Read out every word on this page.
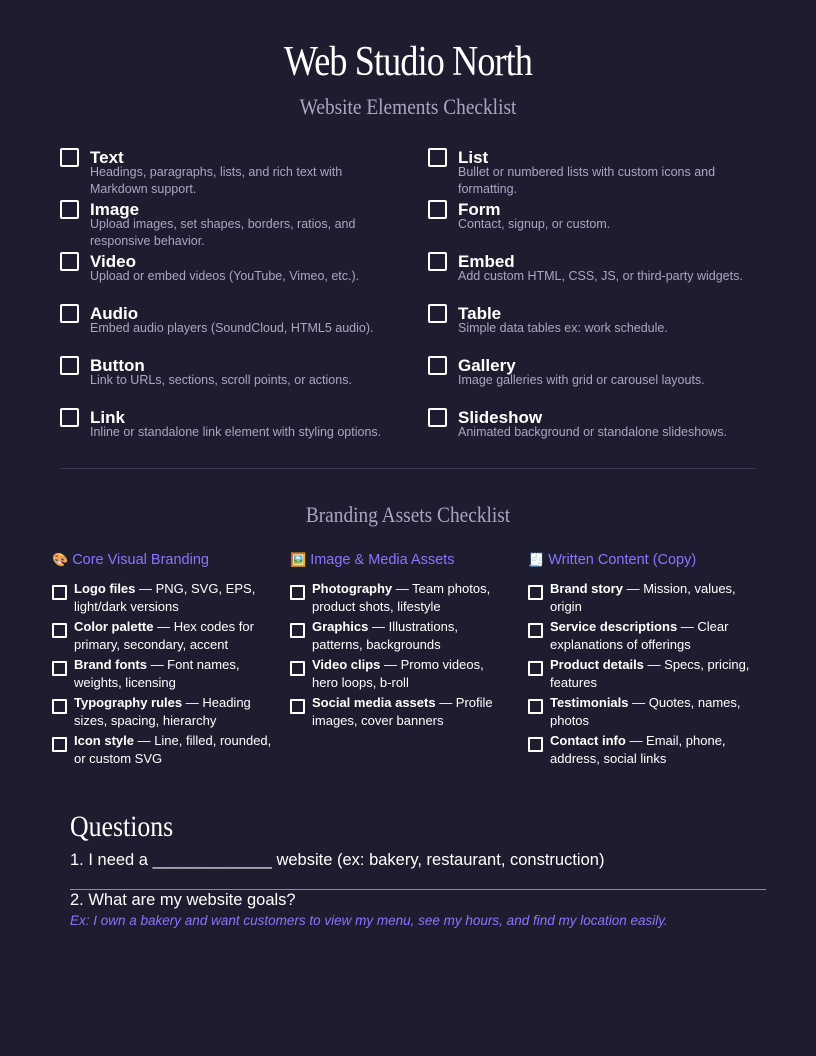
Web Studio North
Website Elements Checklist
Text
Headings, paragraphs, lists, and rich text with Markdown support.
List
Bullet or numbered lists with custom icons and formatting.
Image
Upload images, set shapes, borders, ratios, and responsive behavior.
Form
Contact, signup, or custom.
Video
Upload or embed videos (YouTube, Vimeo, etc.).
Embed
Add custom HTML, CSS, JS, or third-party widgets.
Audio
Embed audio players (SoundCloud, HTML5 audio).
Table
Simple data tables ex: work schedule.
Button
Link to URLs, sections, scroll points, or actions.
Gallery
Image galleries with grid or carousel layouts.
Link
Inline or standalone link element with styling options.
Slideshow
Animated background or standalone slideshows.
Branding Assets Checklist
🎨 Core Visual Branding
Logo files — PNG, SVG, EPS, light/dark versions
Color palette — Hex codes for primary, secondary, accent
Brand fonts — Font names, weights, licensing
Typography rules — Heading sizes, spacing, hierarchy
Icon style — Line, filled, rounded, or custom SVG
🖼️ Image & Media Assets
Photography — Team photos, product shots, lifestyle
Graphics — Illustrations, patterns, backgrounds
Video clips — Promo videos, hero loops, b-roll
Social media assets — Profile images, cover banners
🧾 Written Content (Copy)
Brand story — Mission, values, origin
Service descriptions — Clear explanations of offerings
Product details — Specs, pricing, features
Testimonials — Quotes, names, photos
Contact info — Email, phone, address, social links
Questions
1. I need a _____________ website (ex: bakery, restaurant, construction)
2. What are my website goals?
Ex: I own a bakery and want customers to view my menu, see my hours, and find my location easily.
